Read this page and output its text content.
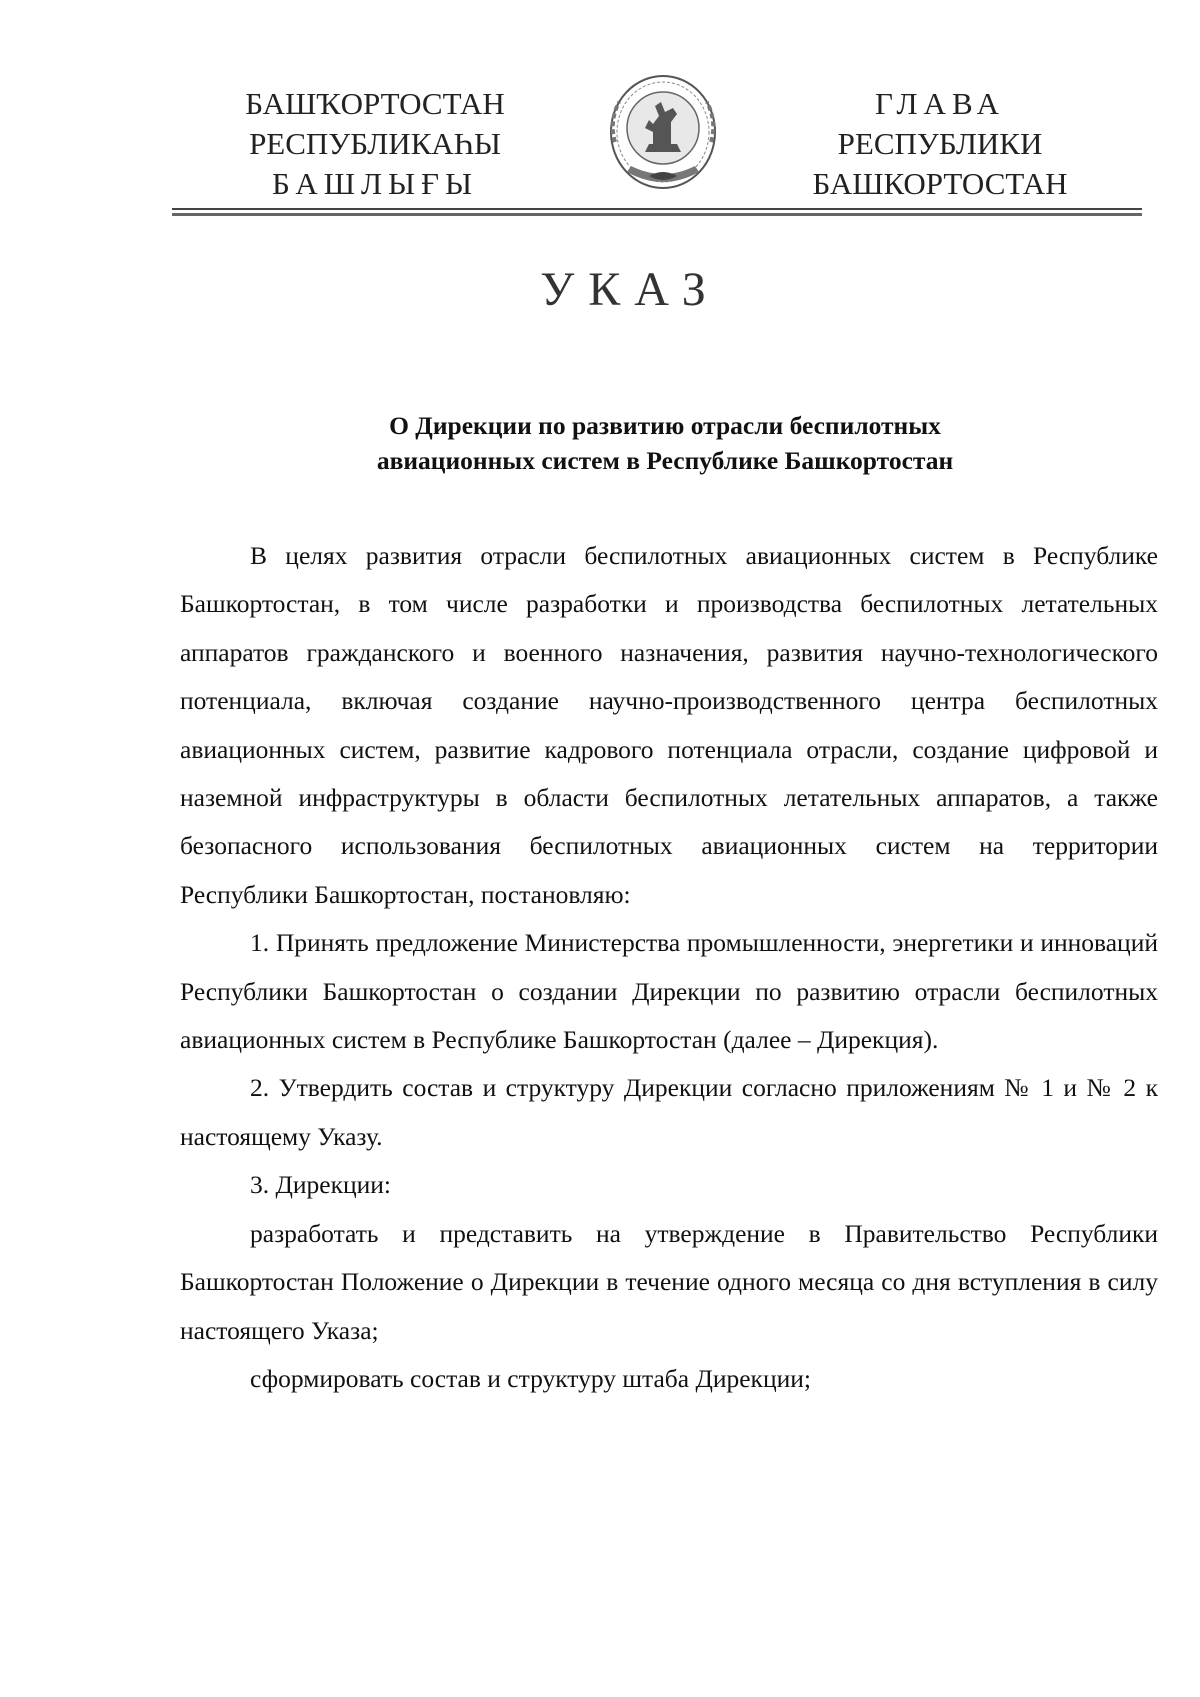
БАШҠОРТОСТАН
РЕСПУБЛИКАҺЫ
БАШЛЫҒЫ
ГЛАВА
РЕСПУБЛИКИ
БАШКОРТОСТАН
УКАЗ
О Дирекции по развитию отрасли беспилотных
авиационных систем в Республике Башкортостан

В целях развития отрасли беспилотных авиационных систем в Республике Башкортостан, в том числе разработки и производства беспилотных летательных аппаратов гражданского и военного назначения, развития научно-технологического потенциала, включая создание научно-производственного центра беспилотных авиационных систем, развитие кадрового потенциала отрасли, создание цифровой и наземной инфраструктуры в области беспилотных летательных аппаратов, а также безопасного использования беспилотных авиационных систем на территории Республики Башкортостан, постановляю:

1. Принять предложение Министерства промышленности, энергетики и инноваций Республики Башкортостан о создании Дирекции по развитию отрасли беспилотных авиационных систем в Республике Башкортостан (далее – Дирекция).

2. Утвердить состав и структуру Дирекции согласно приложениям № 1 и № 2 к настоящему Указу.

3. Дирекции:

разработать и представить на утверждение в Правительство Республики Башкортостан Положение о Дирекции в течение одного месяца со дня вступления в силу настоящего Указа;

сформировать состав и структуру штаба Дирекции;
